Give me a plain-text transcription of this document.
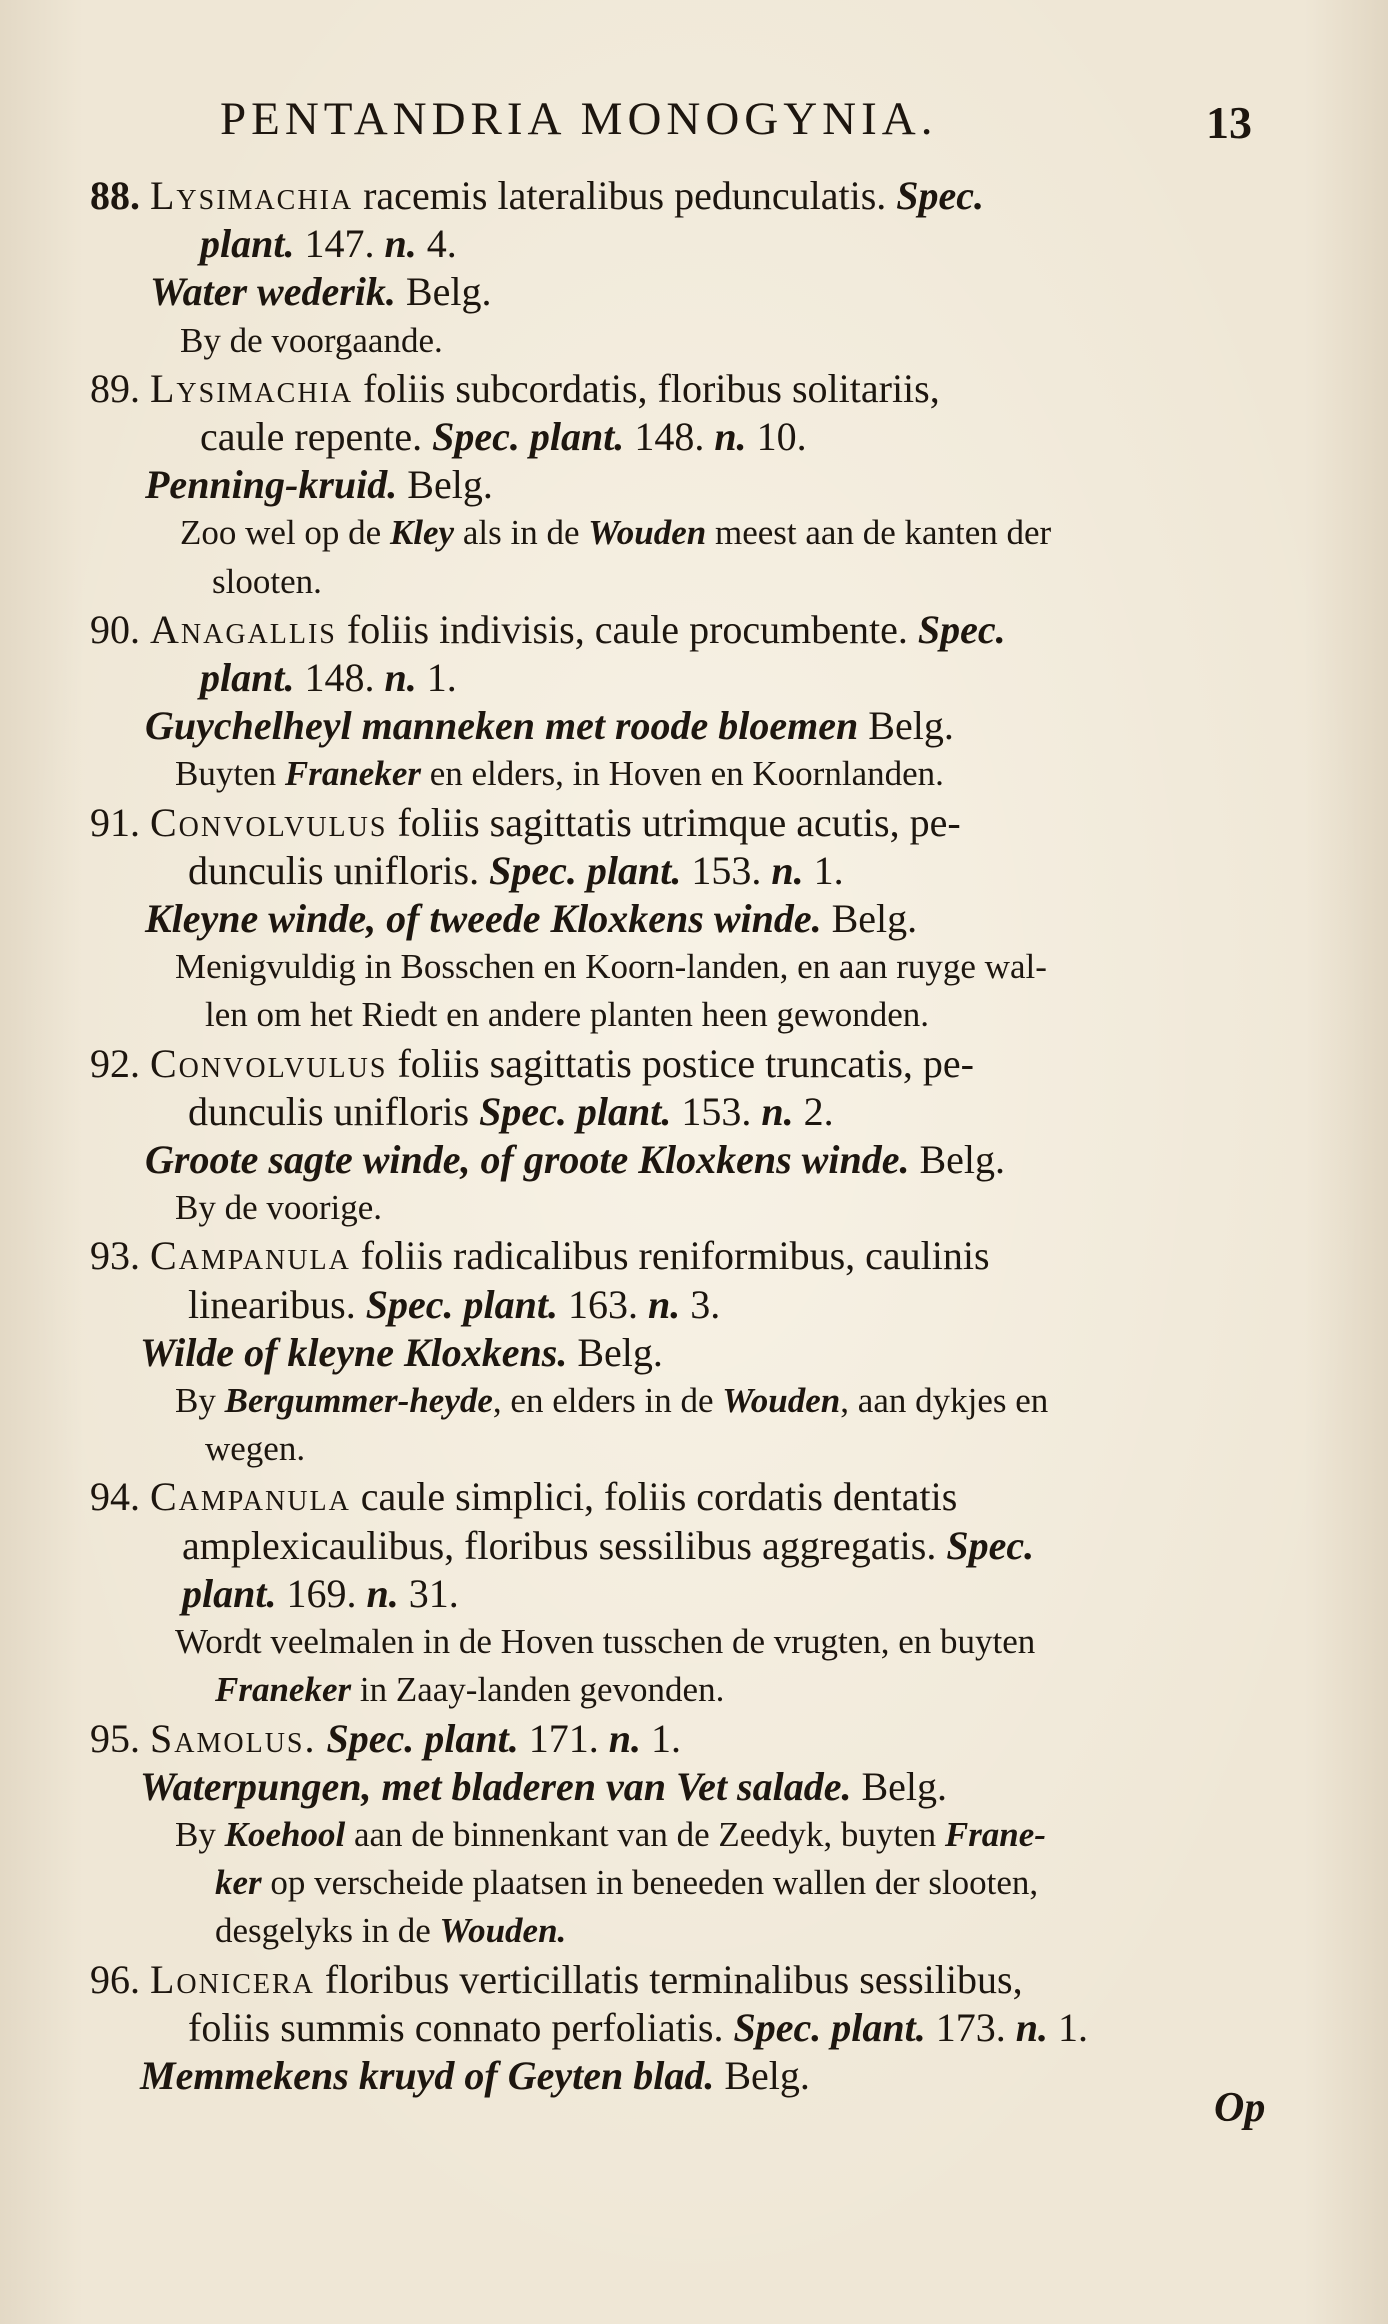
PENTANDRIA MONOGYNIA.	13

88. Lysimachia racemis lateralibus pedunculatis. Spec.

plant. 147. n. 4.

Water wederik. Belg.

By de voorgaande.

89. Lysimachia foliis subcordatis, floribus solitariis,

caule repente. Spec. plant. 148. n. 10.

Penning-kruid. Belg.

Zoo wel op de Kley als in de Wouden meest aan de kanten der

slooten.

90. Anagallis foliis indivisis, caule procumbente. Spec.

plant. 148. n. 1.

Guychelheyl manneken met roode bloemen Belg.

Buyten Franeker en elders, in Hoven en Koornlanden.

91. Convolvulus foliis sagittatis utrimque acutis, pe-

dunculis unifloris. Spec. plant. 153. n. 1.

Kleyne winde, of tweede Kloxkens winde. Belg.

Menigvuldig in Bosschen en Koorn-landen, en aan ruyge wal-

len om het Riedt en andere planten heen gewonden.

92. Convolvulus foliis sagittatis postice truncatis, pe-

dunculis unifloris Spec. plant. 153. n. 2.

Groote sagte winde, of groote Kloxkens winde. Belg.

By de voorige.

93. Campanula foliis radicalibus reniformibus, caulinis

linearibus. Spec. plant. 163. n. 3.

Wilde of kleyne Kloxkens. Belg.

By Bergummer-heyde, en elders in de Wouden, aan dykjes en

wegen.

94. Campanula caule simplici, foliis cordatis dentatis

amplexicaulibus, floribus sessilibus aggregatis. Spec.

plant. 169. n. 31.

Wordt veelmalen in de Hoven tusschen de vrugten, en buyten

Franeker in Zaay-landen gevonden.

95. Samolus. Spec. plant. 171. n. 1.

Waterpungen, met bladeren van Vet salade. Belg.

By Koehool aan de binnenkant van de Zeedyk, buyten Frane-

ker op verscheide plaatsen in beneeden wallen der slooten,

desgelyks in de Wouden.

96. Lonicera floribus verticillatis terminalibus sessilibus,

foliis summis connato perfoliatis. Spec. plant. 173. n. 1.

Memmekens kruyd of Geyten blad. Belg.

Op
